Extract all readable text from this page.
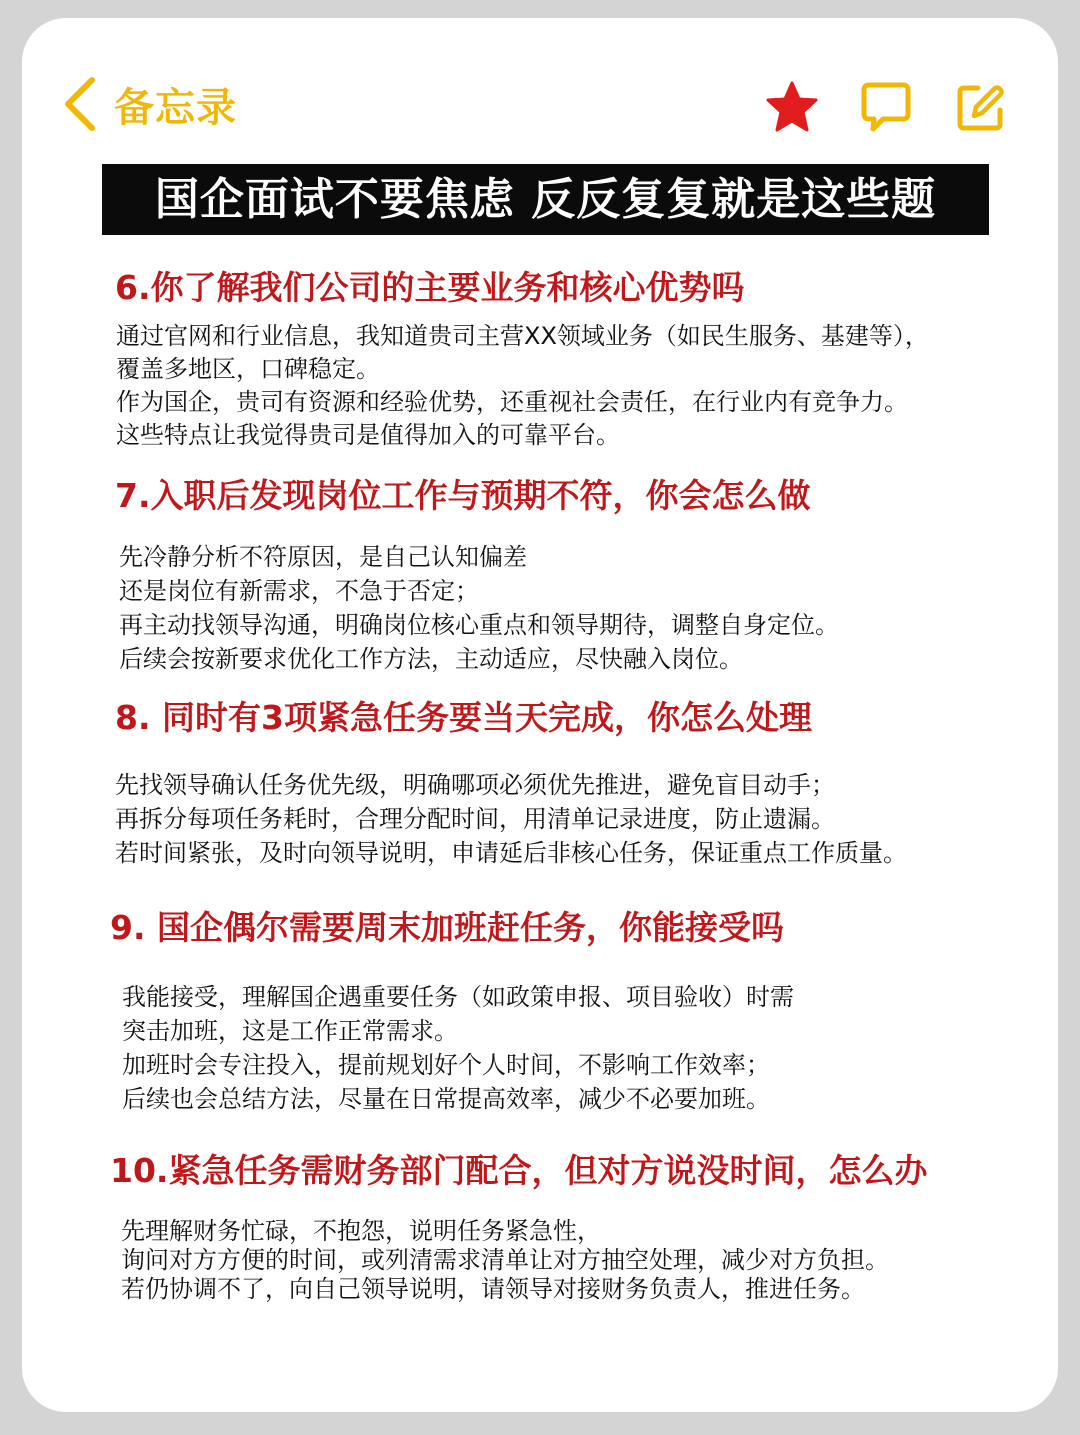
备忘录
国企面试不要焦虑 反反复复就是这些题
6.你了解我们公司的主要业务和核心优势吗
通过官网和行业信息，我知道贵司主营XX领域业务（如民生服务、基建等），
覆盖多地区，口碑稳定。
作为国企，贵司有资源和经验优势，还重视社会责任，在行业内有竞争力。
这些特点让我觉得贵司是值得加入的可靠平台。
7.入职后发现岗位工作与预期不符，你会怎么做
先冷静分析不符原因，是自己认知偏差
还是岗位有新需求，不急于否定；
再主动找领导沟通，明确岗位核心重点和领导期待，调整自身定位。
后续会按新要求优化工作方法，主动适应，尽快融入岗位。
8. 同时有3项紧急任务要当天完成，你怎么处理
先找领导确认任务优先级，明确哪项必须优先推进，避免盲目动手；
再拆分每项任务耗时，合理分配时间，用清单记录进度，防止遗漏。
若时间紧张，及时向领导说明，申请延后非核心任务，保证重点工作质量。
9. 国企偶尔需要周末加班赶任务，你能接受吗
我能接受，理解国企遇重要任务（如政策申报、项目验收）时需
突击加班，这是工作正常需求。
加班时会专注投入，提前规划好个人时间，不影响工作效率；
后续也会总结方法，尽量在日常提高效率，减少不必要加班。
10.紧急任务需财务部门配合，但对方说没时间，怎么办
先理解财务忙碌，不抱怨，说明任务紧急性，
询问对方方便的时间，或列清需求清单让对方抽空处理，减少对方负担。
若仍协调不了，向自己领导说明，请领导对接财务负责人，推进任务。
